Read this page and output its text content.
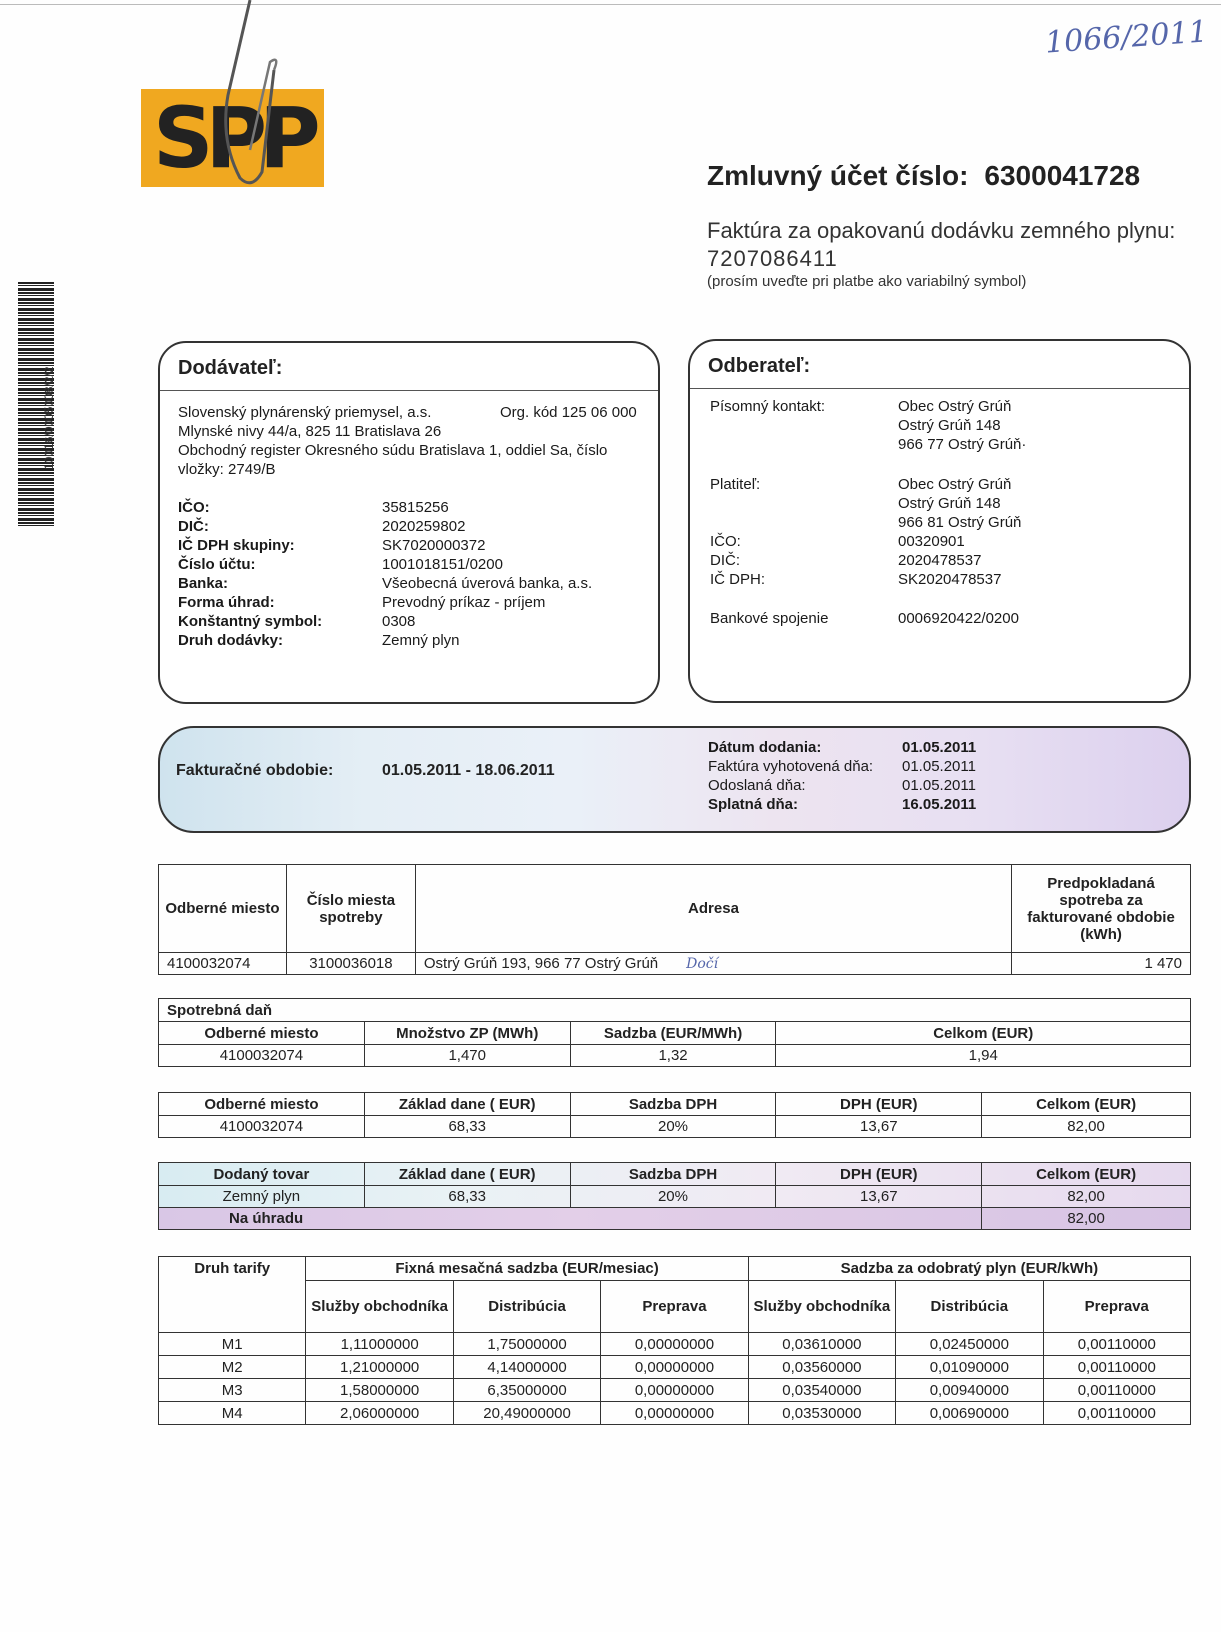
1066/2011
SPP
10016/0005008/2/2
Zmluvný účet číslo: 6300041728
Faktúra za opakovanú dodávku zemného plynu:
7207086411
(prosím uveďte pri platbe ako variabilný symbol)
Dodávateľ:
Slovenský plynárenský priemysel, a.s.	Org. kód 125 06 000
Mlynské nivy 44/a, 825 11 Bratislava 26
Obchodný register Okresného súdu Bratislava 1, oddiel Sa, číslo
vložky: 2749/B
IČO:	35815256
DIČ:	2020259802
IČ DPH skupiny:	SK7020000372
Číslo účtu:	1001018151/0200
Banka:	Všeobecná úverová banka, a.s.
Forma úhrad:	Prevodný príkaz - príjem
Konštantný symbol:	0308
Druh dodávky:	Zemný plyn
Odberateľ:
Písomný kontakt:	Obec Ostrý Grúň
Ostrý Grúň 148
966 77 Ostrý Grúň·
Platiteľ:	Obec Ostrý Grúň
Ostrý Grúň 148
966 81 Ostrý Grúň
IČO:	00320901
DIČ:	2020478537
IČ DPH:	SK2020478537
Bankové spojenie	0006920422/0200
Fakturačné obdobie:	01.05.2011 - 18.06.2011
Dátum dodania:	01.05.2011
Faktúra vyhotovená dňa: 01.05.2011
Odoslaná dňa:	01.05.2011
Splatná dňa:	16.05.2011
Odberné miesto	Číslo miesta spotreby	Adresa	Predpokladaná spotreba za fakturované obdobie (kWh)
4100032074	3100036018	Ostrý Grúň 193, 966 77 Ostrý Grúň Dočí	1 470
Spotrebná daň			
Odberné miesto	Množstvo ZP (MWh)	Sadzba (EUR/MWh)	Celkom (EUR)
4100032074	1,470	1,32	1,94
Odberné miesto	Základ dane ( EUR)	Sadzba DPH	DPH (EUR)	Celkom (EUR)
4100032074	68,33	20%	13,67	82,00
Dodaný tovar	Základ dane ( EUR)	Sadzba DPH	DPH (EUR)	Celkom (EUR)
Zemný plyn	68,33	20%	13,67	82,00
Na úhradu				82,00
Druh tarify	Fixná mesačná sadzba (EUR/mesiac)			Sadzba za odobratý plyn (EUR/kWh)		
	Služby obchodníka	Distribúcia	Preprava	Služby obchodníka	Distribúcia	Preprava
M1	1,11000000	1,75000000	0,00000000	0,03610000	0,02450000	0,00110000
M2	1,21000000	4,14000000	0,00000000	0,03560000	0,01090000	0,00110000
M3	1,58000000	6,35000000	0,00000000	0,03540000	0,00940000	0,00110000
M4	2,06000000	20,49000000	0,00000000	0,03530000	0,00690000	0,00110000
